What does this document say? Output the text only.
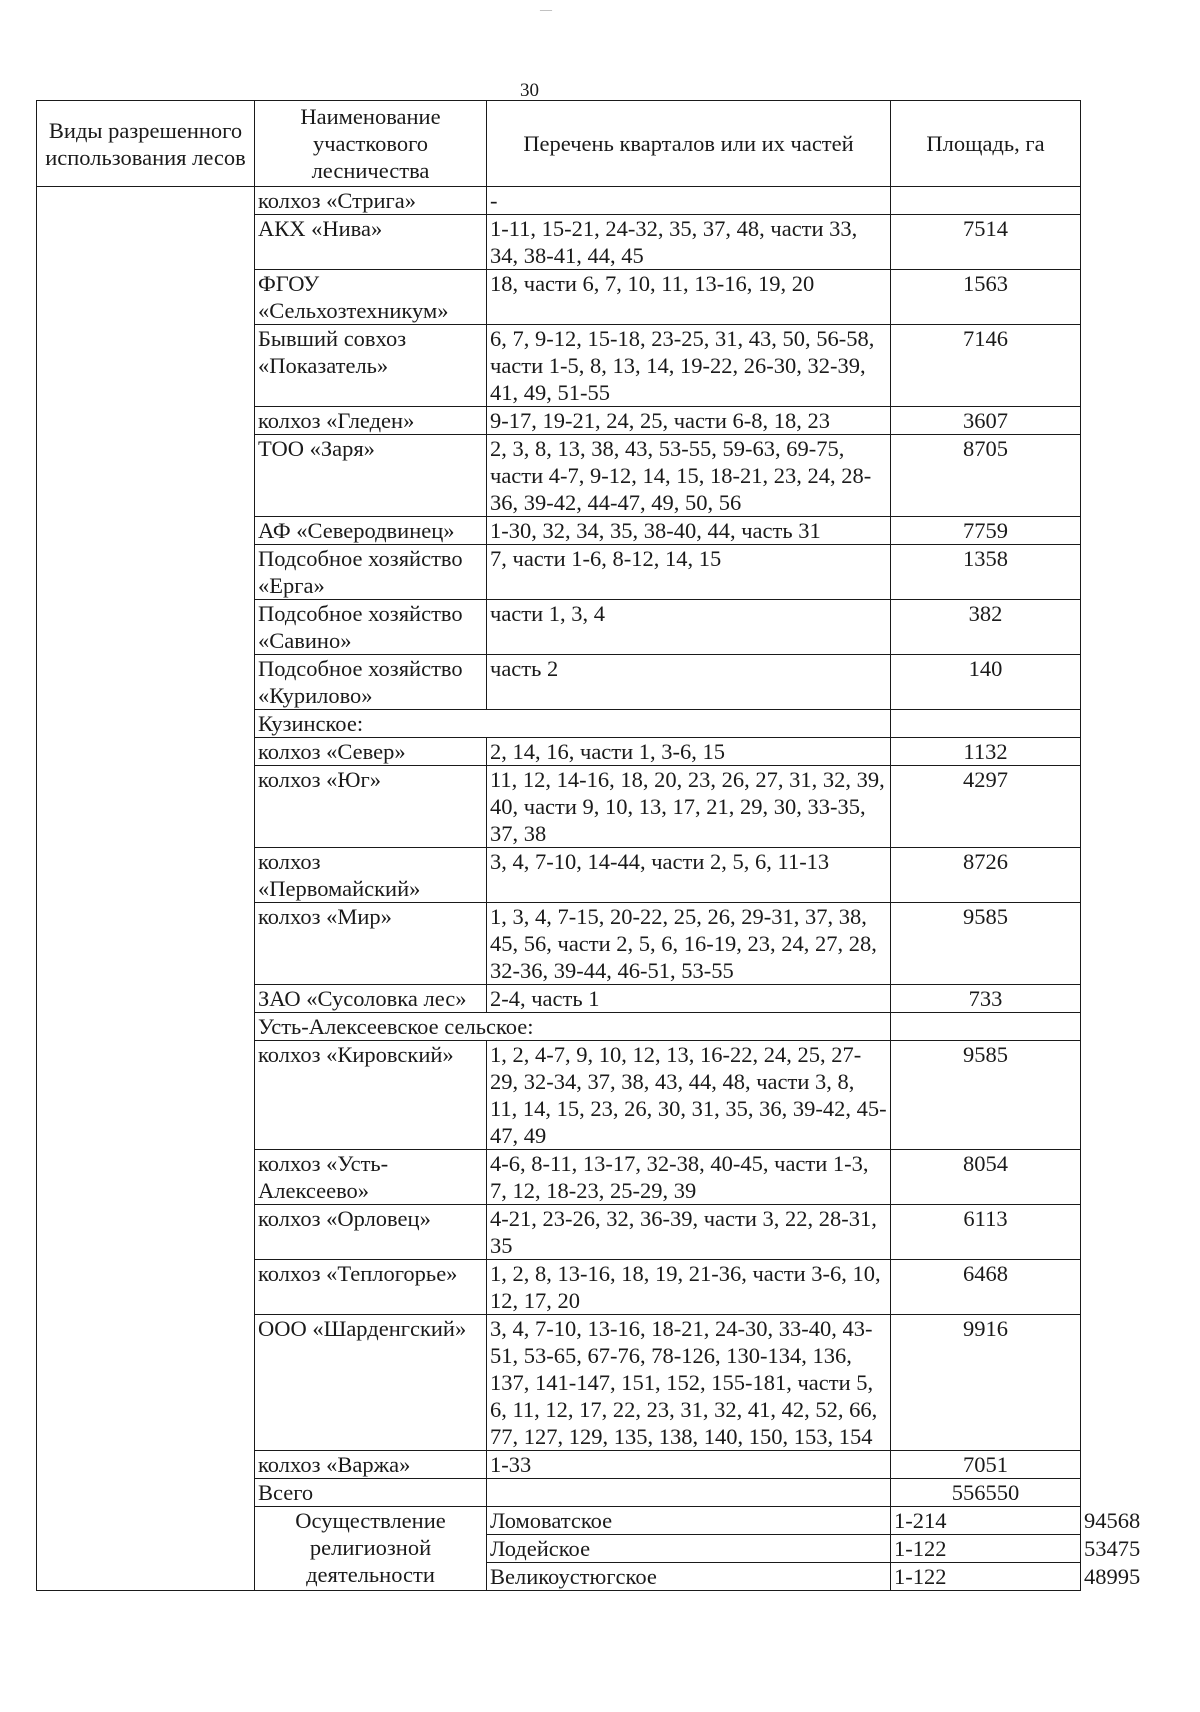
—
30
Виды разрешенного использования лесов	Наименование участкового лесничества	Перечень кварталов или их частей	Площадь, га	
	колхоз «Стрига»	-		
	АКХ «Нива»	1-11, 15-21, 24-32, 35, 37, 48, части 33, 34, 38-41, 44, 45	7514	
	ФГОУ «Сельхозтехникум»	18, части 6, 7, 10, 11, 13-16, 19, 20	1563	
	Бывший совхоз «Показатель»	6, 7, 9-12, 15-18, 23-25, 31, 43, 50, 56-58, части 1-5, 8, 13, 14, 19-22, 26-30, 32-39, 41, 49, 51-55	7146	
	колхоз «Гледен»	9-17, 19-21, 24, 25, части 6-8, 18, 23	3607	
	ТОО «Заря»	2, 3, 8, 13, 38, 43, 53-55, 59-63, 69-75, части 4-7, 9-12, 14, 15, 18-21, 23, 24, 28-36, 39-42, 44-47, 49, 50, 56	8705	
	АФ «Северодвинец»	1-30, 32, 34, 35, 38-40, 44, часть 31	7759	
	Подсобное хозяйство «Ерга»	7, части 1-6, 8-12, 14, 15	1358	
	Подсобное хозяйство «Савино»	части 1, 3, 4	382	
	Подсобное хозяйство «Курилово»	часть 2	140	
	Кузинское:			
	колхоз «Север»	2, 14, 16, части 1, 3-6, 15	1132	
	колхоз «Юг»	11, 12, 14-16, 18, 20, 23, 26, 27, 31, 32, 39, 40, части 9, 10, 13, 17, 21, 29, 30, 33-35, 37, 38	4297	
	колхоз «Первомайский»	3, 4, 7-10, 14-44, части 2, 5, 6, 11-13	8726	
	колхоз «Мир»	1, 3, 4, 7-15, 20-22, 25, 26, 29-31, 37, 38, 45, 56, части 2, 5, 6, 16-19, 23, 24, 27, 28, 32-36, 39-44, 46-51, 53-55	9585	
	ЗАО «Сусоловка лес»	2-4, часть 1	733	
	Усть-Алексеевское сельское:			
	колхоз «Кировский»	1, 2, 4-7, 9, 10, 12, 13, 16-22, 24, 25, 27-29, 32-34, 37, 38, 43, 44, 48, части 3, 8, 11, 14, 15, 23, 26, 30, 31, 35, 36, 39-42, 45-47, 49	9585	
	колхоз «Усть-Алексеево»	4-6, 8-11, 13-17, 32-38, 40-45, части 1-3, 7, 12, 18-23, 25-29, 39	8054	
	колхоз «Орловец»	4-21, 23-26, 32, 36-39, части 3, 22, 28-31, 35	6113	
	колхоз «Теплогорье»	1, 2, 8, 13-16, 18, 19, 21-36, части 3-6, 10, 12, 17, 20	6468	
	ООО «Шарденгский»	3, 4, 7-10, 13-16, 18-21, 24-30, 33-40, 43-51, 53-65, 67-76, 78-126, 130-134, 136, 137, 141-147, 151, 152, 155-181, части 5, 6, 11, 12, 17, 22, 23, 31, 32, 41, 42, 52, 66, 77, 127, 129, 135, 138, 140, 150, 153, 154	9916	
	колхоз «Варжа»	1-33	7051	
	Всего		556550	
	Осуществление религиозной деятельности	Ломоватское	1-214	94568
		Лодейское	1-122	53475
		Великоустюгское	1-122	48995
